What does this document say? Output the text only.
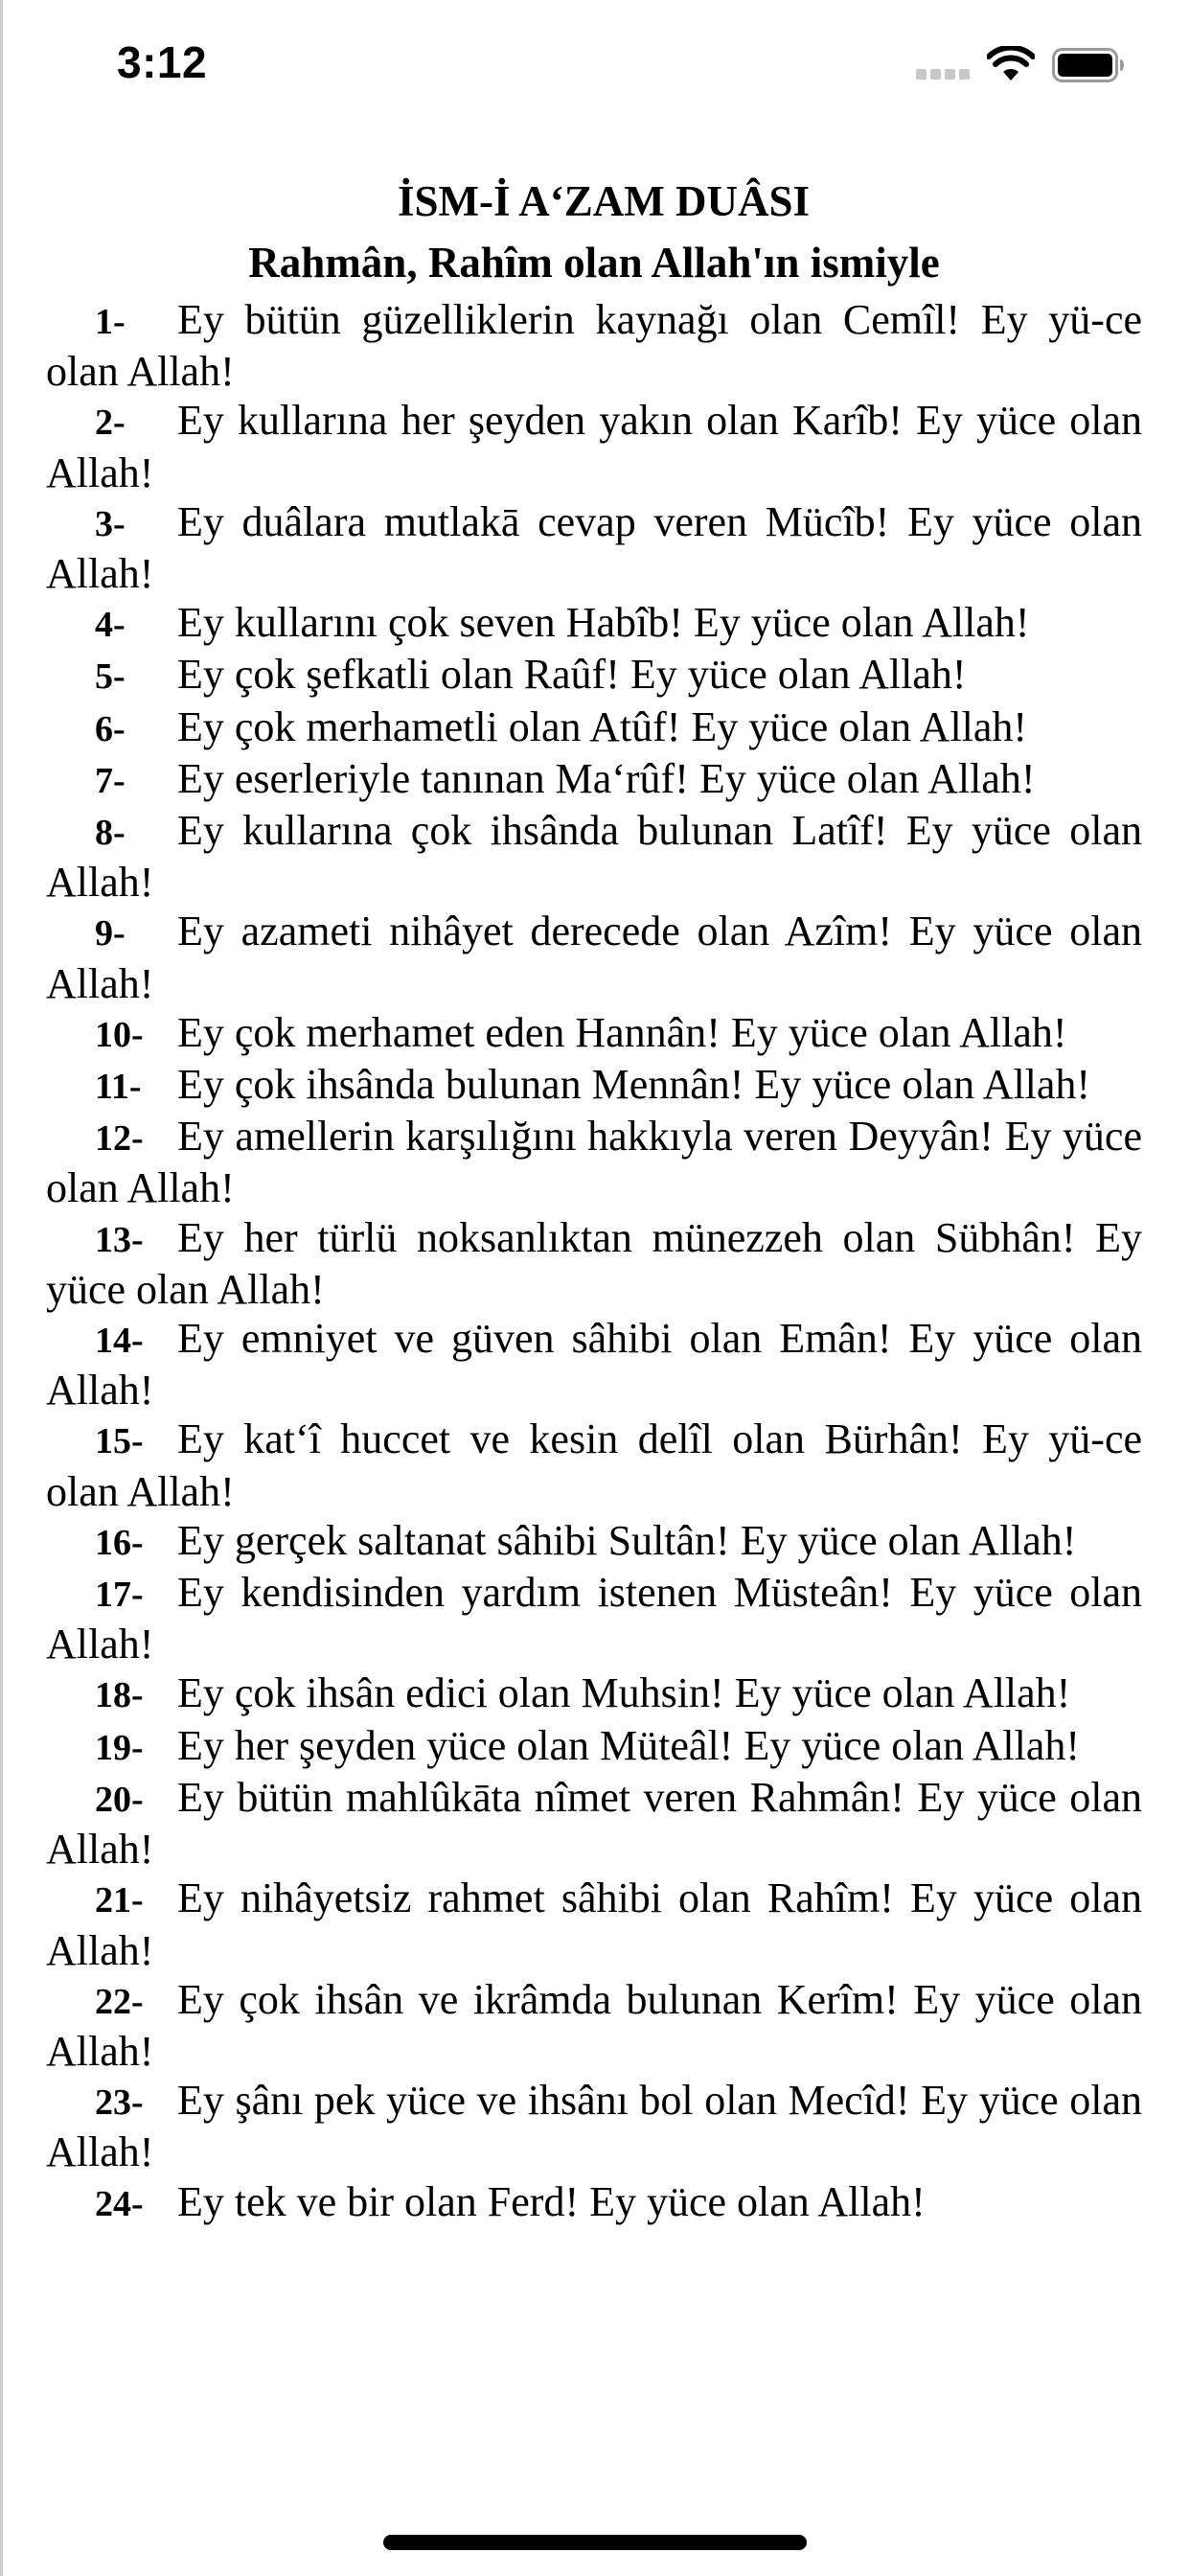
3:12

İSM-İ A‘ZAM DUÂSI

Rahmân, Rahîm olan Allah'ın ismiyle

1- Ey bütün güzelliklerin kaynağı olan Cemîl! Ey yü-ce olan Allah!

2- Ey kullarına her şeyden yakın olan Karîb! Ey yüce olan Allah!

3- Ey duâlara mutlakā cevap veren Mücîb! Ey yüce olan Allah!

4- Ey kullarını çok seven Habîb! Ey yüce olan Allah!

5- Ey çok şefkatli olan Raûf! Ey yüce olan Allah!

6- Ey çok merhametli olan Atûf! Ey yüce olan Allah!

7- Ey eserleriyle tanınan Ma‘rûf! Ey yüce olan Allah!

8- Ey kullarına çok ihsânda bulunan Latîf! Ey yüce olan Allah!

9- Ey azameti nihâyet derecede olan Azîm! Ey yüce olan Allah!

10- Ey çok merhamet eden Hannân! Ey yüce olan Allah!

11- Ey çok ihsânda bulunan Mennân! Ey yüce olan Allah!

12- Ey amellerin karşılığını hakkıyla veren Deyyân! Ey yüce olan Allah!

13- Ey her türlü noksanlıktan münezzeh olan Sübhân! Ey yüce olan Allah!

14- Ey emniyet ve güven sâhibi olan Emân! Ey yüce olan Allah!

15- Ey kat‘î huccet ve kesin delîl olan Bürhân! Ey yü-ce olan Allah!

16- Ey gerçek saltanat sâhibi Sultân! Ey yüce olan Allah!

17- Ey kendisinden yardım istenen Müsteân! Ey yüce olan Allah!

18- Ey çok ihsân edici olan Muhsin! Ey yüce olan Allah!

19- Ey her şeyden yüce olan Müteâl! Ey yüce olan Allah!

20- Ey bütün mahlûkāta nîmet veren Rahmân! Ey yüce olan Allah!

21- Ey nihâyetsiz rahmet sâhibi olan Rahîm! Ey yüce olan Allah!

22- Ey çok ihsân ve ikrâmda bulunan Kerîm! Ey yüce olan Allah!

23- Ey şânı pek yüce ve ihsânı bol olan Mecîd! Ey yüce olan Allah!

24- Ey tek ve bir olan Ferd! Ey yüce olan Allah!
